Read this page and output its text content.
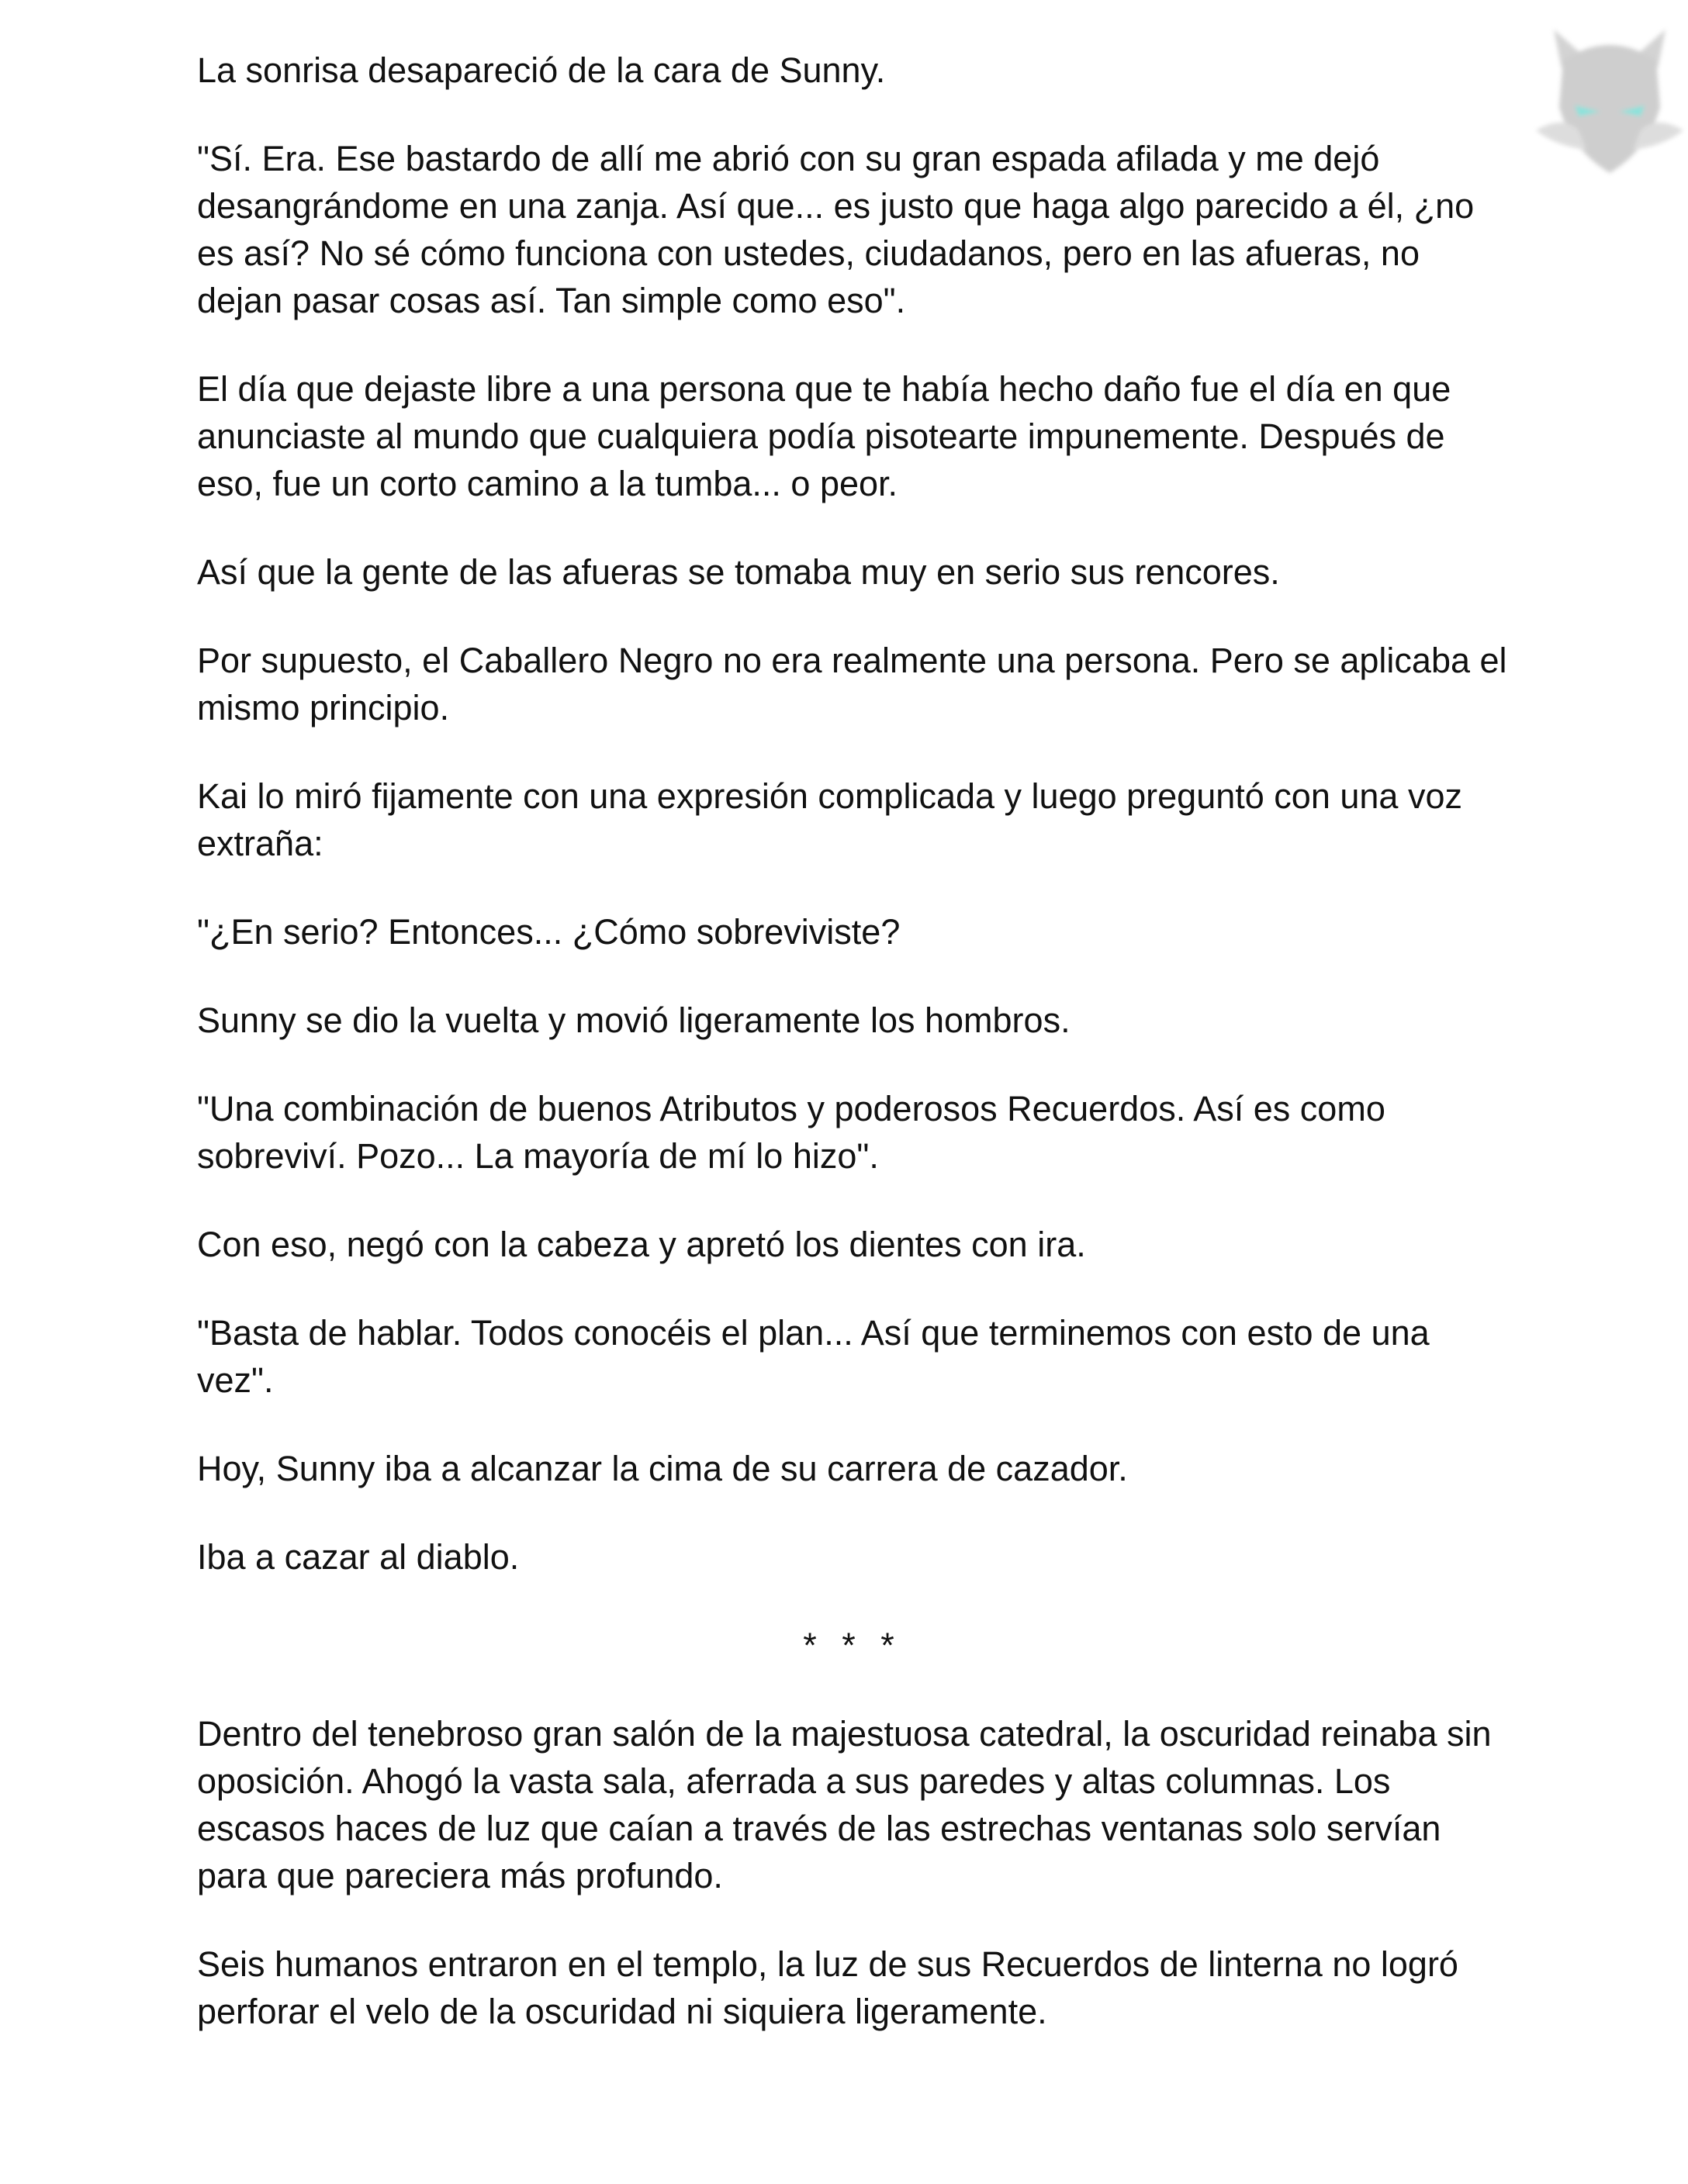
La sonrisa desapareció de la cara de Sunny.

"Sí. Era. Ese bastardo de allí me abrió con su gran espada afilada y me dejó desangrándome en una zanja. Así que... es justo que haga algo parecido a él, ¿no es así? No sé cómo funciona con ustedes, ciudadanos, pero en las afueras, no dejan pasar cosas así. Tan simple como eso".

El día que dejaste libre a una persona que te había hecho daño fue el día en que anunciaste al mundo que cualquiera podía pisotearte impunemente. Después de eso, fue un corto camino a la tumba... o peor.

Así que la gente de las afueras se tomaba muy en serio sus rencores.

Por supuesto, el Caballero Negro no era realmente una persona. Pero se aplicaba el mismo principio.

Kai lo miró fijamente con una expresión complicada y luego preguntó con una voz extraña:

"¿En serio? Entonces... ¿Cómo sobreviviste?

Sunny se dio la vuelta y movió ligeramente los hombros.

"Una combinación de buenos Atributos y poderosos Recuerdos. Así es como sobreviví. Pozo... La mayoría de mí lo hizo".

Con eso, negó con la cabeza y apretó los dientes con ira.

"Basta de hablar. Todos conocéis el plan... Así que terminemos con esto de una vez".

Hoy, Sunny iba a alcanzar la cima de su carrera de cazador.

Iba a cazar al diablo.

* * *

Dentro del tenebroso gran salón de la majestuosa catedral, la oscuridad reinaba sin oposición. Ahogó la vasta sala, aferrada a sus paredes y altas columnas. Los escasos haces de luz que caían a través de las estrechas ventanas solo servían para que pareciera más profundo.

Seis humanos entraron en el templo, la luz de sus Recuerdos de linterna no logró perforar el velo de la oscuridad ni siquiera ligeramente.
